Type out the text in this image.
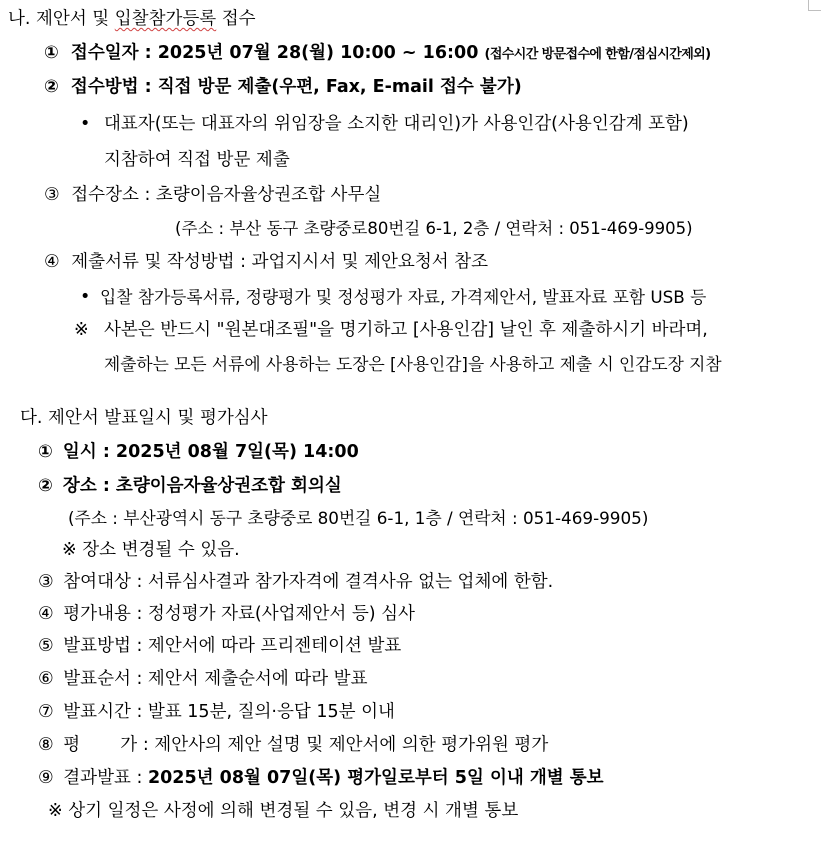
나. 제안서 및 입찰참가등록 접수
① 접수일자 : 2025년 07월 28(월) 10:00 ~ 16:00 (접수시간 방문접수에 한함/점심시간제외)
② 접수방법 : 직접 방문 제출(우편, Fax, E-mail 접수 불가)
• 대표자(또는 대표자의 위임장을 소지한 대리인)가 사용인감(사용인감계 포함)
지참하여 직접 방문 제출
③ 접수장소 : 초량이음자율상권조합 사무실
(주소 : 부산 동구 초량중로80번길 6-1, 2층 / 연락처 : 051-469-9905)
④ 제출서류 및 작성방법 : 과업지시서 및 제안요청서 참조
• 입찰 참가등록서류, 정량평가 및 정성평가 자료, 가격제안서, 발표자료 포함 USB 등
※ 사본은 반드시 "원본대조필"을 명기하고 [사용인감] 날인 후 제출하시기 바라며,
제출하는 모든 서류에 사용하는 도장은 [사용인감]을 사용하고 제출 시 인감도장 지참
다. 제안서 발표일시 및 평가심사
① 일시 : 2025년 08월 7일(목) 14:00
② 장소 : 초량이음자율상권조합 회의실
(주소 : 부산광역시 동구 초량중로 80번길 6-1, 1층 / 연락처 : 051-469-9905)
※ 장소 변경될 수 있음.
③ 참여대상 : 서류심사결과 참가자격에 결격사유 없는 업체에 한함.
④ 평가내용 : 정성평가 자료(사업제안서 등) 심사
⑤ 발표방법 : 제안서에 따라 프리젠테이션 발표
⑥ 발표순서 : 제안서 제출순서에 따라 발표
⑦ 발표시간 : 발표 15분, 질의·응답 15분 이내
⑧ 평 가 : 제안사의 제안 설명 및 제안서에 의한 평가위원 평가
⑨ 결과발표 : 2025년 08월 07일(목) 평가일로부터 5일 이내 개별 통보
※ 상기 일정은 사정에 의해 변경될 수 있음, 변경 시 개별 통보
